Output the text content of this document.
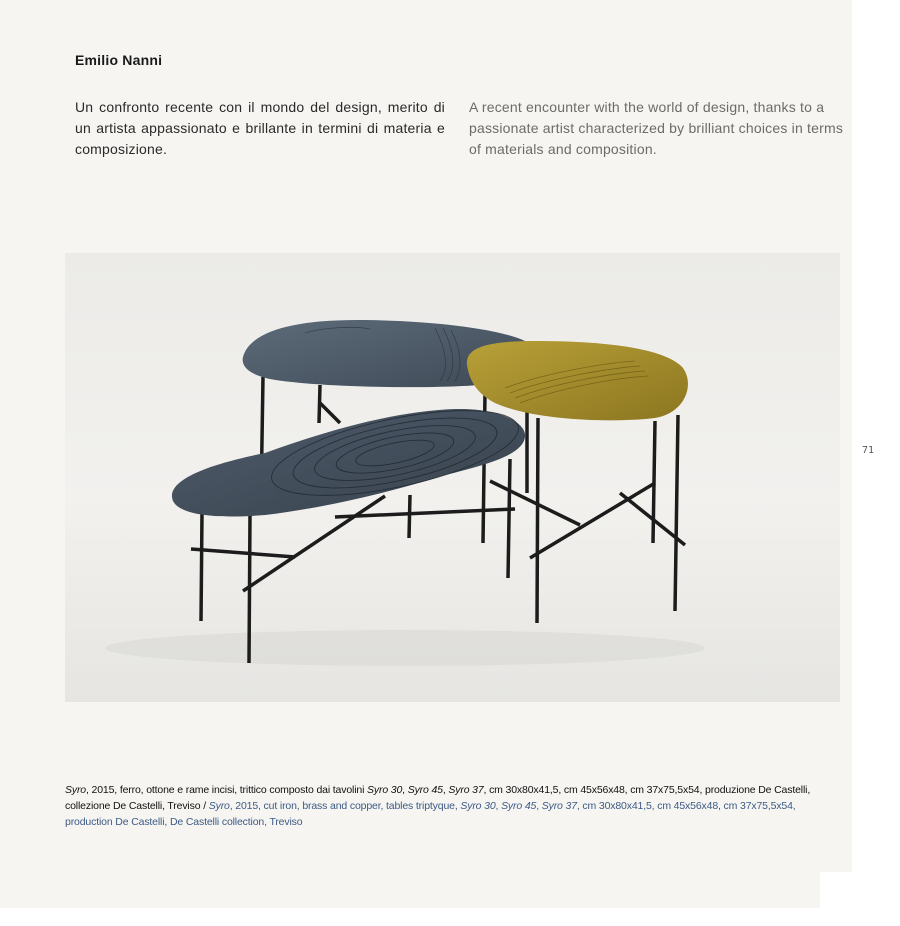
Emilio Nanni
Un confronto recente con il mondo del design, merito di un artista appassionato e brillante in termini di materia e composizione.
A recent encounter with the world of design, thanks to a passionate artist characterized by brilliant choices in terms of materials and composition.
71
Syro, 2015, ferro, ottone e rame incisi, trittico composto dai tavolini Syro 30, Syro 45, Syro 37, cm 30x80x41,5, cm 45x56x48, cm 37x75,5x54, produzione De Castelli, collezione De Castelli, Treviso / Syro, 2015, cut iron, brass and copper, tables triptyque, Syro 30, Syro 45, Syro 37, cm 30x80x41,5, cm 45x56x48, cm 37x75,5x54, production De Castelli, De Castelli collection, Treviso
